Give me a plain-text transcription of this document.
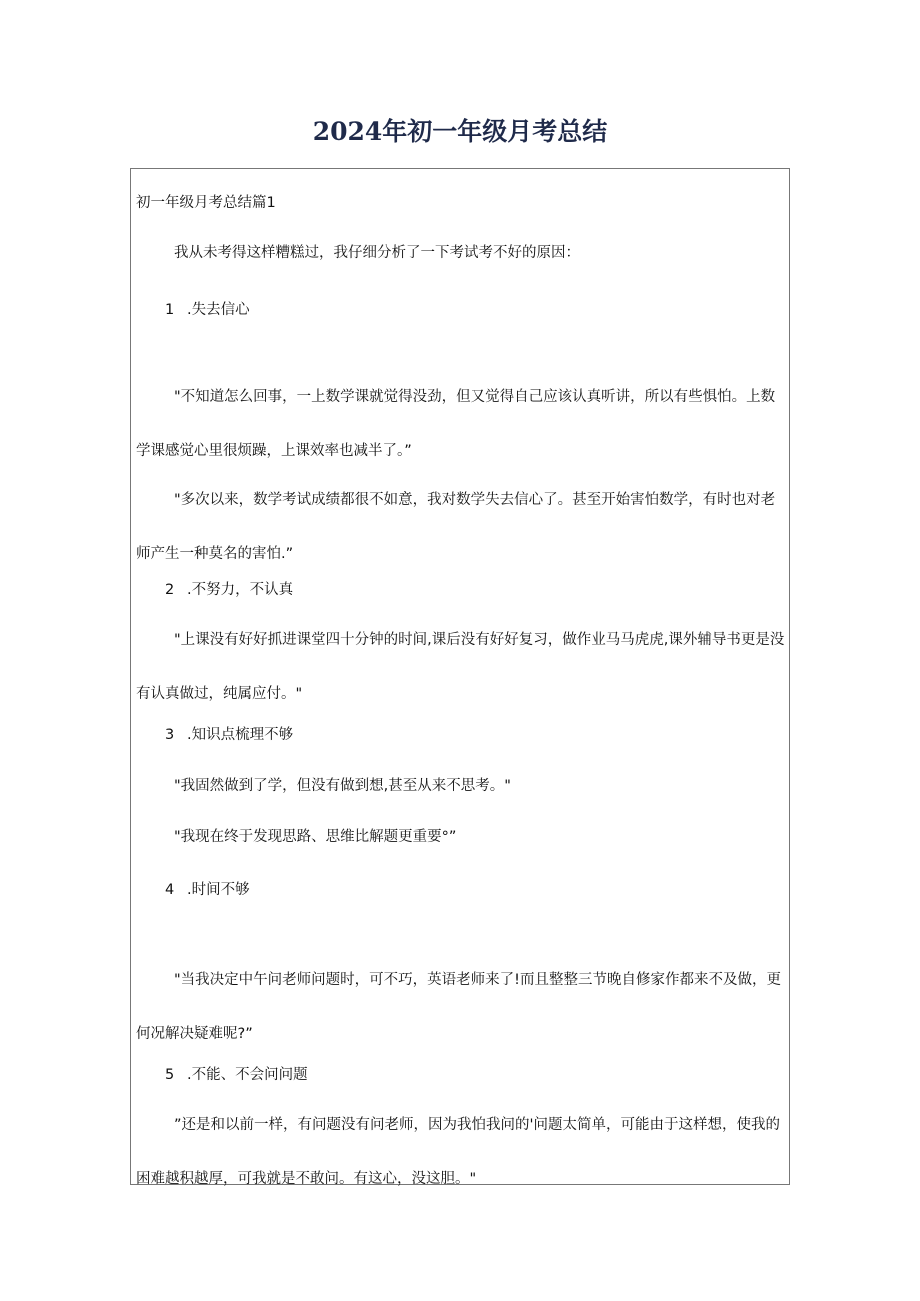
2024年初一年级月考总结

初一年级月考总结篇1

我从未考得这样糟糕过，我仔细分析了一下考试考不好的原因：

1 .失去信心

"不知道怎么回事，一上数学课就觉得没劲，但又觉得自己应该认真听讲，所以有些惧怕。上数学课感觉心里很烦躁，上课效率也减半了。”

"多次以来，数学考试成绩都很不如意，我对数学失去信心了。甚至开始害怕数学，有时也对老师产生一种莫名的害怕.”

2 .不努力，不认真

"上课没有好好抓进课堂四十分钟的时间,课后没有好好复习，做作业马马虎虎,课外辅导书更是没有认真做过，纯属应付。"

3 .知识点梳理不够

"我固然做到了学，但没有做到想,甚至从来不思考。"

"我现在终于发现思路、思维比解题更重要°”

4 .时间不够

"当我决定中午问老师问题时，可不巧，英语老师来了!而且整整三节晚自修家作都来不及做，更何况解决疑难呢?”

5 .不能、不会问问题

”还是和以前一样，有问题没有问老师，因为我怕我问的'问题太简单，可能由于这样想，使我的困难越积越厚，可我就是不敢问。有这心，没这胆。"
